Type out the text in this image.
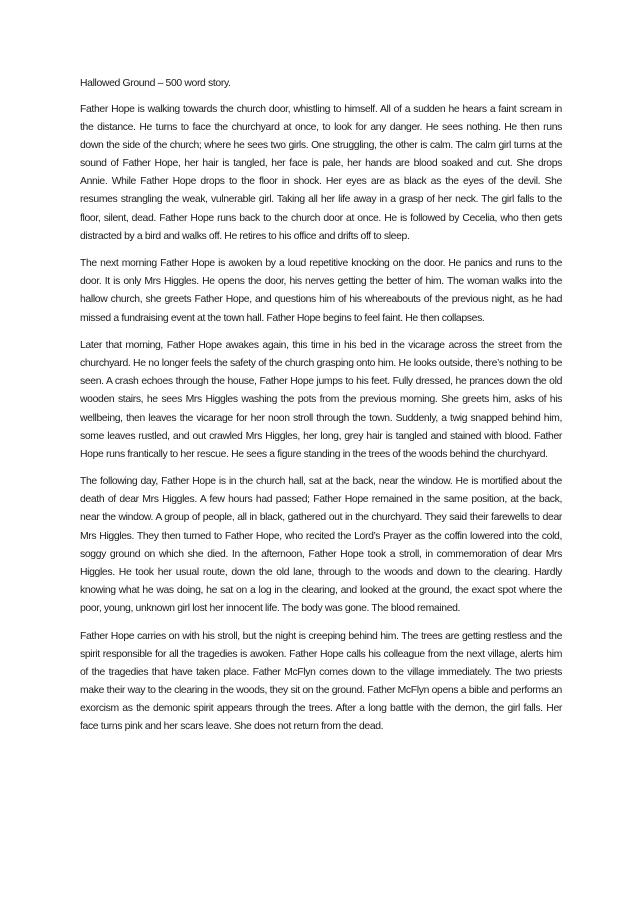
Hallowed Ground – 500 word story.

Father Hope is walking towards the church door, whistling to himself. All of a sudden he hears a faint scream in the distance. He turns to face the churchyard at once, to look for any danger. He sees nothing. He then runs down the side of the church; where he sees two girls. One struggling, the other is calm. The calm girl turns at the sound of Father Hope, her hair is tangled, her face is pale, her hands are blood soaked and cut. She drops Annie. While Father Hope drops to the floor in shock. Her eyes are as black as the eyes of the devil. She resumes strangling the weak, vulnerable girl. Taking all her life away in a grasp of her neck. The girl falls to the floor, silent, dead. Father Hope runs back to the church door at once. He is followed by Cecelia, who then gets distracted by a bird and walks off. He retires to his office and drifts off to sleep.

The next morning Father Hope is awoken by a loud repetitive knocking on the door. He panics and runs to the door. It is only Mrs Higgles. He opens the door, his nerves getting the better of him. The woman walks into the hallow church, she greets Father Hope, and questions him of his whereabouts of the previous night, as he had missed a fundraising event at the town hall. Father Hope begins to feel faint. He then collapses.

Later that morning, Father Hope awakes again, this time in his bed in the vicarage across the street from the churchyard. He no longer feels the safety of the church grasping onto him. He looks outside, there’s nothing to be seen. A crash echoes through the house, Father Hope jumps to his feet. Fully dressed, he prances down the old wooden stairs, he sees Mrs Higgles washing the pots from the previous morning. She greets him, asks of his wellbeing, then leaves the vicarage for her noon stroll through the town. Suddenly, a twig snapped behind him, some leaves rustled, and out crawled Mrs Higgles, her long, grey hair is tangled and stained with blood. Father Hope runs frantically to her rescue. He sees a figure standing in the trees of the woods behind the churchyard.

The following day, Father Hope is in the church hall, sat at the back, near the window. He is mortified about the death of dear Mrs Higgles. A few hours had passed; Father Hope remained in the same position, at the back, near the window. A group of people, all in black, gathered out in the churchyard. They said their farewells to dear Mrs Higgles. They then turned to Father Hope, who recited the Lord’s Prayer as the coffin lowered into the cold, soggy ground on which she died. In the afternoon, Father Hope took a stroll, in commemoration of dear Mrs Higgles. He took her usual route, down the old lane, through to the woods and down to the clearing. Hardly knowing what he was doing, he sat on a log in the clearing, and looked at the ground, the exact spot where the poor, young, unknown girl lost her innocent life. The body was gone. The blood remained.

Father Hope carries on with his stroll, but the night is creeping behind him. The trees are getting restless and the spirit responsible for all the tragedies is awoken. Father Hope calls his colleague from the next village, alerts him of the tragedies that have taken place. Father McFlyn comes down to the village immediately. The two priests make their way to the clearing in the woods, they sit on the ground. Father McFlyn opens a bible and performs an exorcism as the demonic spirit appears through the trees. After a long battle with the demon, the girl falls. Her face turns pink and her scars leave. She does not return from the dead.
